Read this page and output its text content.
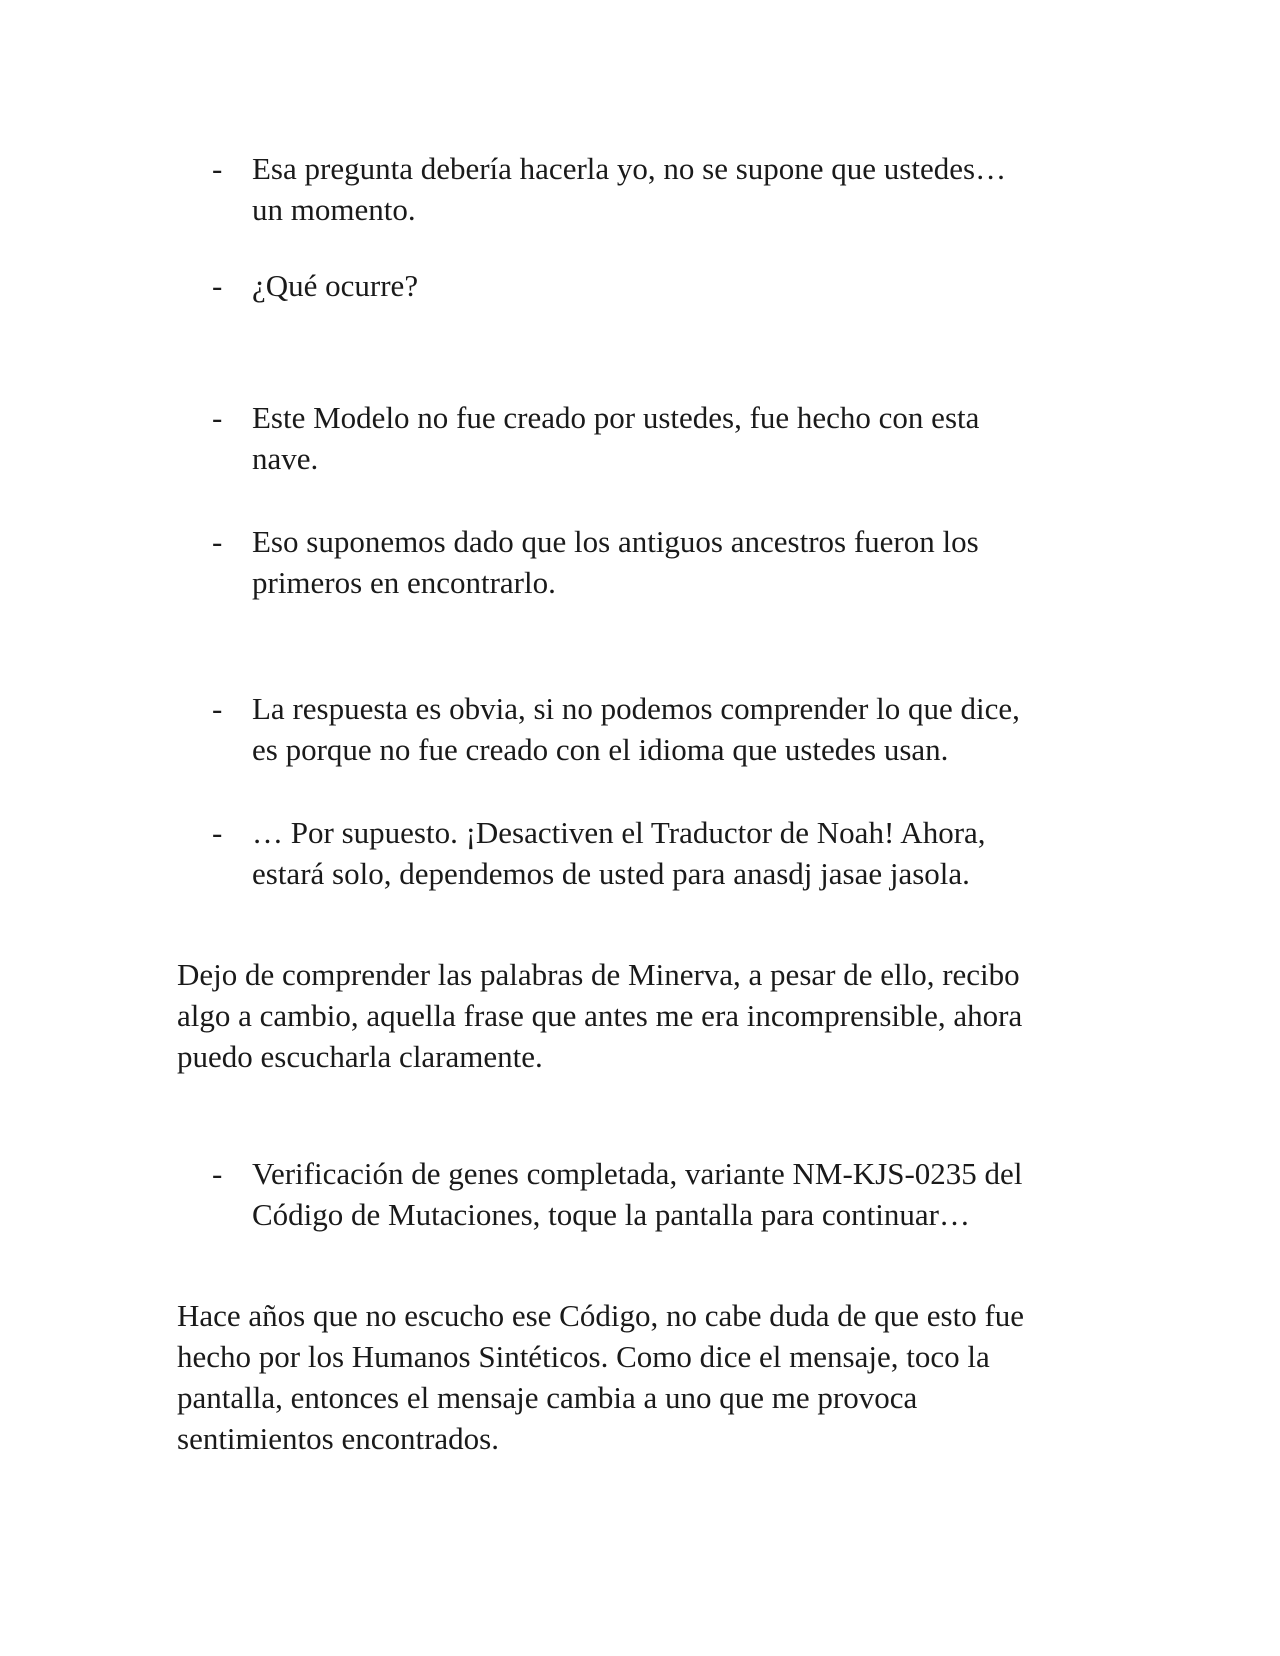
- Esa pregunta debería hacerla yo, no se supone que ustedes…
un momento.
- ¿Qué ocurre?
- Este Modelo no fue creado por ustedes, fue hecho con esta
nave.
- Eso suponemos dado que los antiguos ancestros fueron los
primeros en encontrarlo.
- La respuesta es obvia, si no podemos comprender lo que dice,
es porque no fue creado con el idioma que ustedes usan.
- … Por supuesto. ¡Desactiven el Traductor de Noah! Ahora,
estará solo, dependemos de usted para anasdj jasae jasola.
Dejo de comprender las palabras de Minerva, a pesar de ello, recibo
algo a cambio, aquella frase que antes me era incomprensible, ahora
puedo escucharla claramente.
- Verificación de genes completada, variante NM-KJS-0235 del
Código de Mutaciones, toque la pantalla para continuar…
Hace años que no escucho ese Código, no cabe duda de que esto fue
hecho por los Humanos Sintéticos. Como dice el mensaje, toco la
pantalla, entonces el mensaje cambia a uno que me provoca
sentimientos encontrados.
